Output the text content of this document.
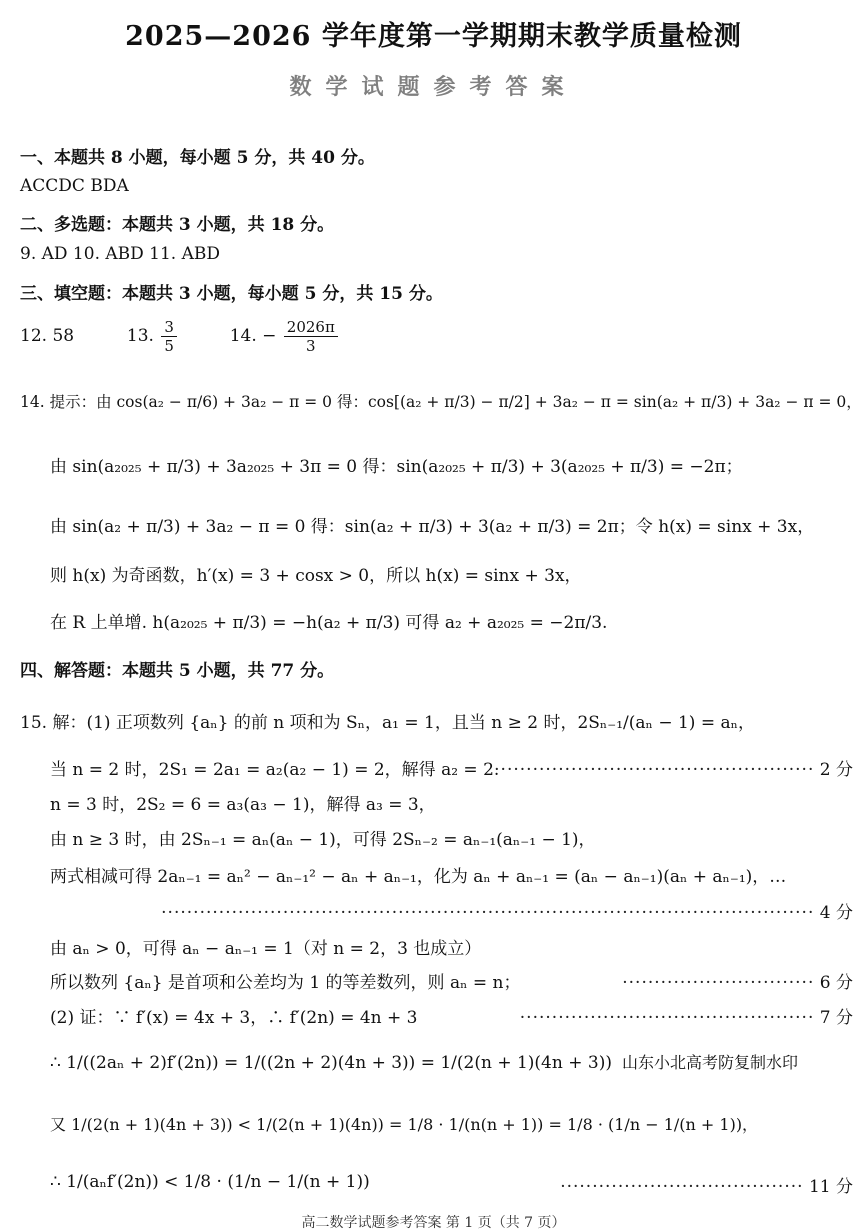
2025—2026 学年度第一学期期末教学质量检测
数学试题参考答案
一、本题共 8 小题，每小题 5 分，共 40 分。
ACCDC BDA
二、多选题：本题共 3 小题，共 18 分。
9. AD 10. ABD 11. ABD
三、填空题：本题共 3 小题，每小题 5 分，共 15 分。
12. 58	13. $\frac{3}{5}$	14. − $\frac{2026\pi}{3}$
14. 提示：由 cos(a₂ − π/6) + 3a₂ − π = 0 得：cos[(a₂ + π/3) − π/2] + 3a₂ − π = sin(a₂ + π/3) + 3a₂ − π = 0，
由 sin(a₂₀₂₅ + π/3) + 3a₂₀₂₅ + 3π = 0 得：sin(a₂₀₂₅ + π/3) + 3(a₂₀₂₅ + π/3) = −2π；
由 sin(a₂ + π/3) + 3a₂ − π = 0 得：sin(a₂ + π/3) + 3(a₂ + π/3) = 2π；令 h(x) = sinx + 3x，
则 h(x) 为奇函数，h′(x) = 3 + cosx > 0，所以 h(x) = sinx + 3x，
在 R 上单增. h(a₂₀₂₅ + π/3) = −h(a₂ + π/3) 可得 a₂ + a₂₀₂₅ = −2π/3.
四、解答题：本题共 5 小题，共 77 分。
15. 解：(1) 正项数列 {aₙ} 的前 n 项和为 Sₙ，a₁ = 1，且当 n ≥ 2 时，2Sₙ₋₁/(aₙ − 1) = aₙ，
当 n = 2 时，2S₁ = 2a₁ = a₂(a₂ − 1) = 2，解得 a₂ = 2.
·················································· 2 分
n = 3 时，2S₂ = 6 = a₃(a₃ − 1)，解得 a₃ = 3，
由 n ≥ 3 时，由 2Sₙ₋₁ = aₙ(aₙ − 1)，可得 2Sₙ₋₂ = aₙ₋₁(aₙ₋₁ − 1)，
两式相减可得 2aₙ₋₁ = aₙ² − aₙ₋₁² − aₙ + aₙ₋₁，化为 aₙ + aₙ₋₁ = (aₙ − aₙ₋₁)(aₙ + aₙ₋₁)，…
······································································································ 4 分
由 aₙ > 0，可得 aₙ − aₙ₋₁ = 1（对 n = 2，3 也成立）
所以数列 {aₙ} 是首项和公差均为 1 的等差数列，则 aₙ = n；	······························ 6 分
(2) 证：∵ f′(x) = 4x + 3，∴ f′(2n) = 4n + 3	·············································· 7 分
∴ 1/((2aₙ + 2)f′(2n)) = 1/((2n + 2)(4n + 3)) = 1/(2(n + 1)(4n + 3)) 山东小北高考防复制水印
又 1/(2(n + 1)(4n + 3)) < 1/(2(n + 1)(4n)) = 1/8 · 1/(n(n + 1)) = 1/8 · (1/n − 1/(n + 1))，
∴ 1/(aₙf′(2n)) < 1/8 · (1/n − 1/(n + 1))	······································ 11 分
高二数学试题参考答案 第 1 页（共 7 页）
